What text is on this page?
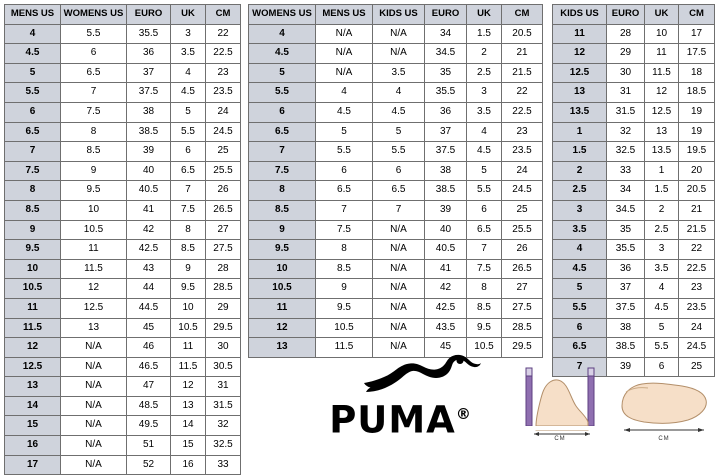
MENS US	WOMENS US	EURO	UK	CM
4	5.5	35.5	3	22
4.5	6	36	3.5	22.5
5	6.5	37	4	23
5.5	7	37.5	4.5	23.5
6	7.5	38	5	24
6.5	8	38.5	5.5	24.5
7	8.5	39	6	25
7.5	9	40	6.5	25.5
8	9.5	40.5	7	26
8.5	10	41	7.5	26.5
9	10.5	42	8	27
9.5	11	42.5	8.5	27.5
10	11.5	43	9	28
10.5	12	44	9.5	28.5
11	12.5	44.5	10	29
11.5	13	45	10.5	29.5
12	N/A	46	11	30
12.5	N/A	46.5	11.5	30.5
13	N/A	47	12	31
14	N/A	48.5	13	31.5
15	N/A	49.5	14	32
16	N/A	51	15	32.5
17	N/A	52	16	33
WOMENS US	MENS US	KIDS US	EURO	UK	CM
4	N/A	N/A	34	1.5	20.5
4.5	N/A	N/A	34.5	2	21
5	N/A	3.5	35	2.5	21.5
5.5	4	4	35.5	3	22
6	4.5	4.5	36	3.5	22.5
6.5	5	5	37	4	23
7	5.5	5.5	37.5	4.5	23.5
7.5	6	6	38	5	24
8	6.5	6.5	38.5	5.5	24.5
8.5	7	7	39	6	25
9	7.5	N/A	40	6.5	25.5
9.5	8	N/A	40.5	7	26
10	8.5	N/A	41	7.5	26.5
10.5	9	N/A	42	8	27
11	9.5	N/A	42.5	8.5	27.5
12	10.5	N/A	43.5	9.5	28.5
13	11.5	N/A	45	10.5	29.5
KIDS US	EURO	UK	CM
11	28	10	17
12	29	11	17.5
12.5	30	11.5	18
13	31	12	18.5
13.5	31.5	12.5	19
1	32	13	19
1.5	32.5	13.5	19.5
2	33	1	20
2.5	34	1.5	20.5
3	34.5	2	21
3.5	35	2.5	21.5
4	35.5	3	22
4.5	36	3.5	22.5
5	37	4	23
5.5	37.5	4.5	23.5
6	38	5	24
6.5	38.5	5.5	24.5
7	39	6	25
PUMA®
CM	CM
